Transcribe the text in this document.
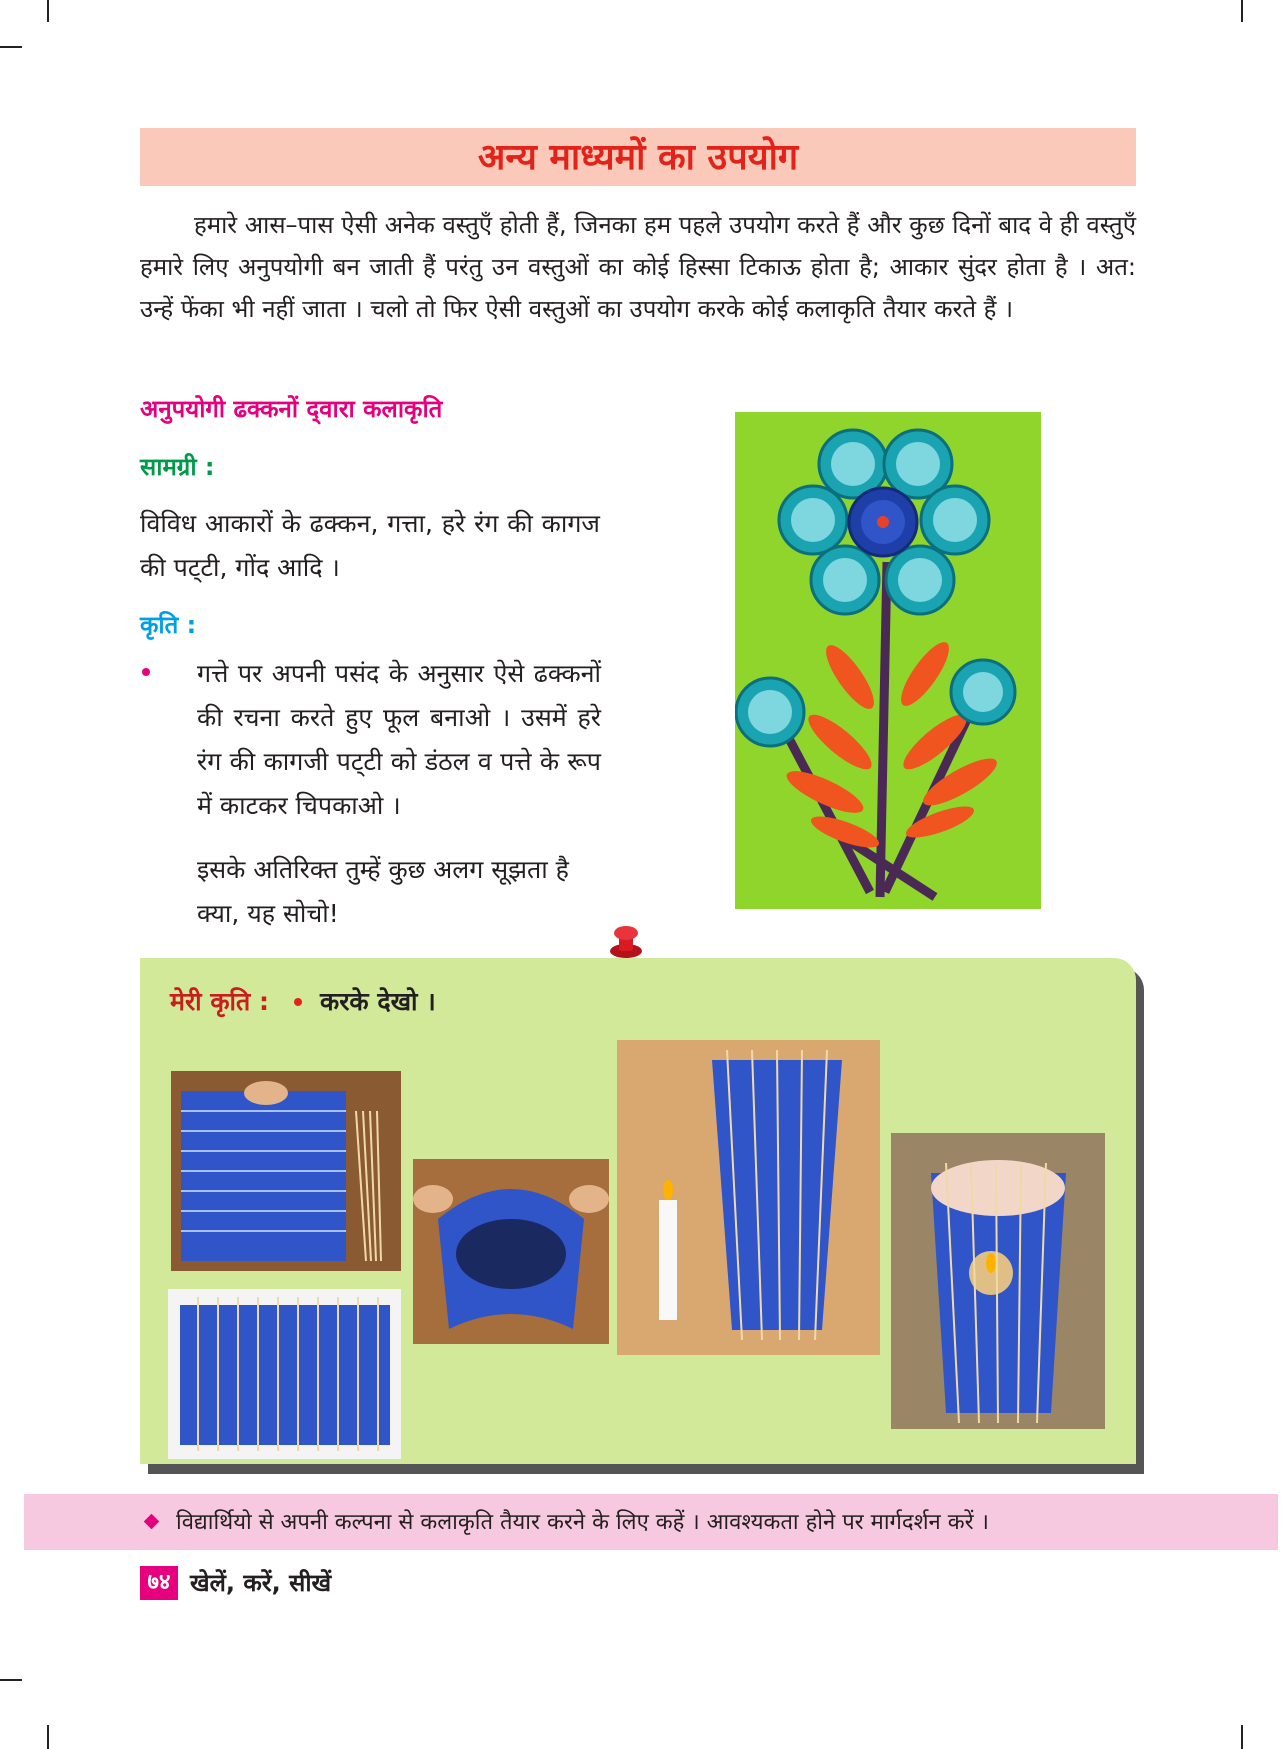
अन्य माध्यमों का उपयोग

हमारे आस–पास ऐसी अनेक वस्तुएँ होती हैं, जिनका हम पहले उपयोग करते हैं और कुछ दिनों बाद वे ही वस्तुएँ हमारे लिए अनुपयोगी बन जाती हैं परंतु उन वस्तुओं का कोई हिस्सा टिकाऊ होता है; आकार सुंदर होता है । अत: उन्हें फेंका भी नहीं जाता । चलो तो फिर ऐसी वस्तुओं का उपयोग करके कोई कलाकृति तैयार करते हैं ।

अनुपयोगी ढक्कनों द्‌वारा कलाकृति

सामग्री :

विविध आकारों के ढक्कन, गत्ता, हरे रंग की कागज की पट्‌टी, गोंद आदि ।

कृति :

गत्ते पर अपनी पसंद के अनुसार ऐसे ढक्कनों की रचना करते हुए फूल बनाओ । उसमें हरे रंग की कागजी पट्‌टी को डंठल व पत्ते के रूप में काटकर चिपकाओ ।

इसके अतिरिक्त तुम्हें कुछ अलग सूझता है क्या, यह सोचो!

मेरी कृति : करके देखो ।

विद्यार्थियो से अपनी कल्पना से कलाकृति तैयार करने के लिए कहें । आवश्यकता होने पर मार्गदर्शन करें ।

७४ खेलें, करें, सीखें
